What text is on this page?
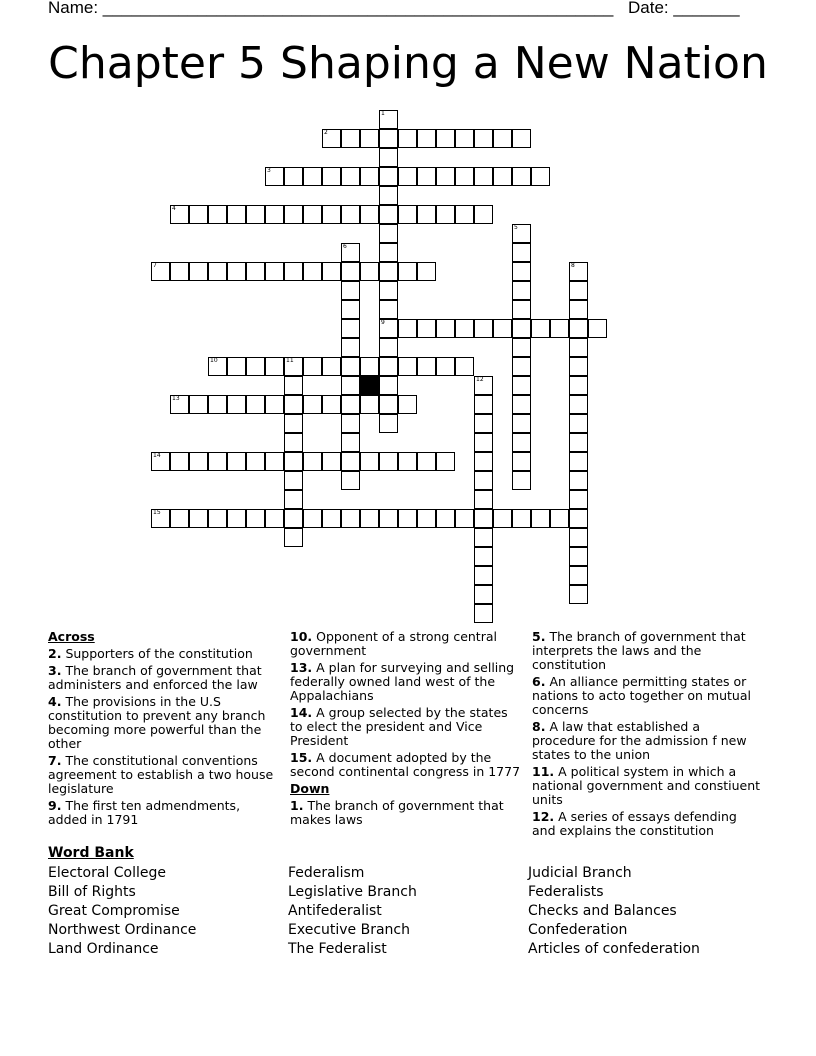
Name: ______________________________________________________ Date: _______
Chapter 5 Shaping a New Nation
1
9
2
3
4
5
6
7	8
10	11
12
13
14
15
Across
2. Supporters of the constitution
3. The branch of government that administers and enforced the law
4. The provisions in the U.S constitution to prevent any branch becoming more powerful than the other
7. The constitutional conventions agreement to establish a two house legislature
9. The first ten admendments, added in 1791
10. Opponent of a strong central government
13. A plan for surveying and selling federally owned land west of the Appalachians
14. A group selected by the states to elect the president and Vice President
15. A document adopted by the second continental congress in 1777
Down
1. The branch of government that makes laws
5. The branch of government that interprets the laws and the constitution
6. An alliance permitting states or nations to acto together on mutual concerns
8. A law that established a procedure for the admission f new states to the union
11. A political system in which a national government and constiuent units
12. A series of essays defending and explains the constitution
Word Bank
Electoral College
Bill of Rights
Great Compromise
Northwest Ordinance
Land Ordinance
Federalism
Legislative Branch
Antifederalist
Executive Branch
The Federalist
Judicial Branch
Federalists
Checks and Balances
Confederation
Articles of confederation
